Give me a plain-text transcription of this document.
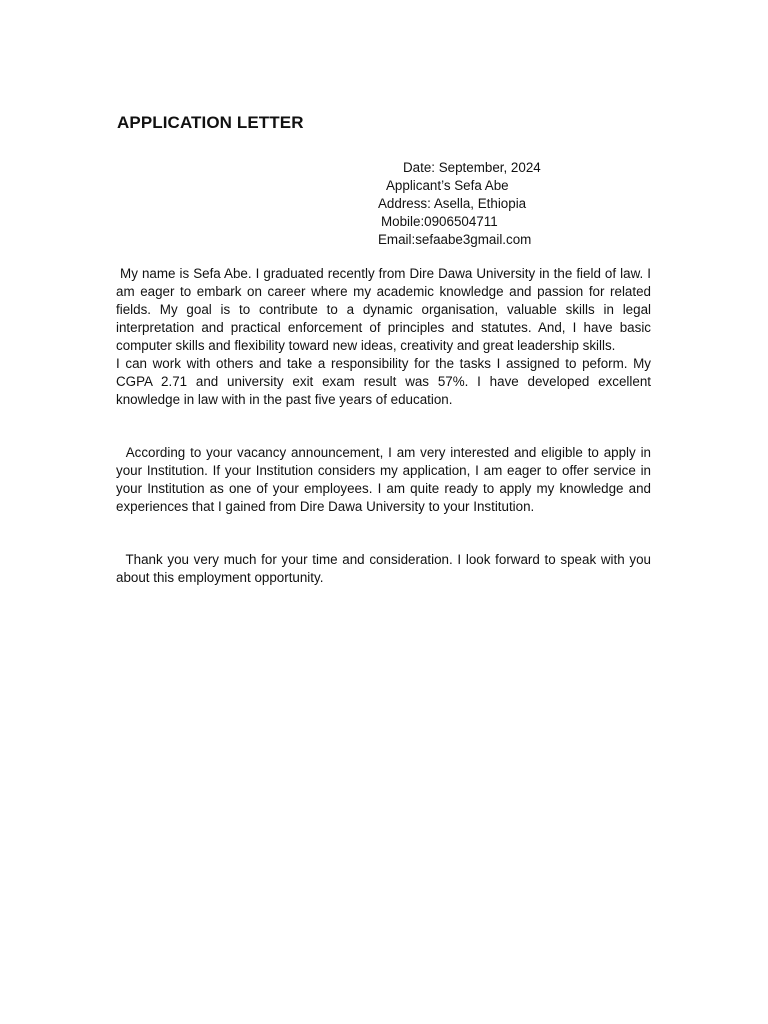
APPLICATION LETTER
Date: September, 2024
Applicant’s Sefa Abe
Address: Asella, Ethiopia
Mobile:0906504711
Email:sefaabe3gmail.com

My name is Sefa Abe. I graduated recently from Dire Dawa University in the field of law. I am eager to embark on career where my academic knowledge and passion for related fields. My goal is to contribute to a dynamic organisation, valuable skills in legal interpretation and practical enforcement of principles and statutes. And, I have basic computer skills and flexibility toward new ideas, creativity and great leadership skills.

I can work with others and take a responsibility for the tasks I assigned to peform. My CGPA 2.71 and university exit exam result was 57%. I have developed excellent knowledge in law with in the past five years of education.

According to your vacancy announcement, I am very interested and eligible to apply in your Institution. If your Institution considers my application, I am eager to offer service in your Institution as one of your employees. I am quite ready to apply my knowledge and experiences that I gained from Dire Dawa University to your Institution.

Thank you very much for your time and consideration. I look forward to speak with you about this employment opportunity.
